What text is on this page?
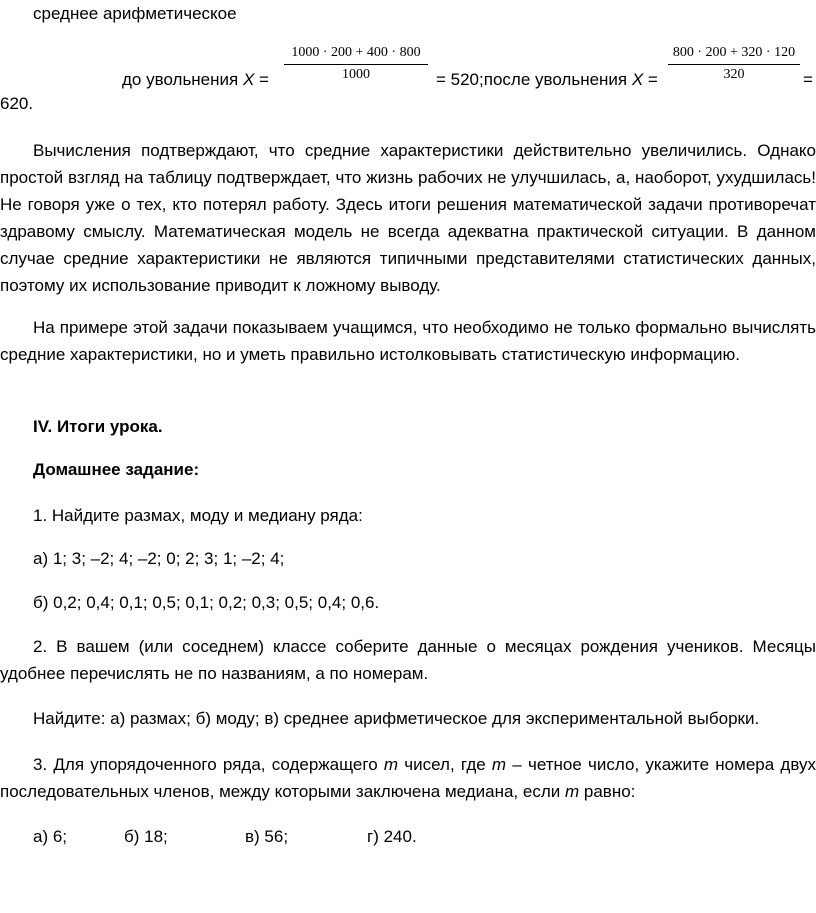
среднее арифметическое
до увольнения X =
1000 · 200 + 400 · 800
1000	= 520;после увольнения X =
800 · 200 + 320 · 120
320	=
620.
Вычисления подтверждают, что средние характеристики действительно увеличились. Однако простой взгляд на таблицу подтверждает, что жизнь рабочих не улучшилась, а, наоборот, ухудшилась! Не говоря уже о тех, кто потерял работу. Здесь итоги решения математической задачи противоречат здравому смыслу. Математическая модель не всегда адекватна практической ситуации. В данном случае средние характеристики не являются типичными представителями статистических данных, поэтому их использование приводит к ложному выводу.
На примере этой задачи показываем учащимся, что необходимо не только формально вычислять средние характеристики, но и уметь правильно истолковывать статистическую информацию.
IV. Итоги урока.
Домашнее задание:
1. Найдите размах, моду и медиану ряда:
а) 1; 3; –2; 4; –2; 0; 2; 3; 1; –2; 4;
б) 0,2; 0,4; 0,1; 0,5; 0,1; 0,2; 0,3; 0,5; 0,4; 0,6.
2. В вашем (или соседнем) классе соберите данные о месяцах рождения учеников. Месяцы удобнее перечислять не по названиям, а по номерам.
Найдите: а) размах; б) моду; в) среднее арифметическое для экспериментальной выборки.
3. Для упорядоченного ряда, содержащего m чисел, где m – четное число, укажите номера двух последовательных членов, между которыми заключена медиана, если m равно:
а) 6;	б) 18;	в) 56;	г) 240.
